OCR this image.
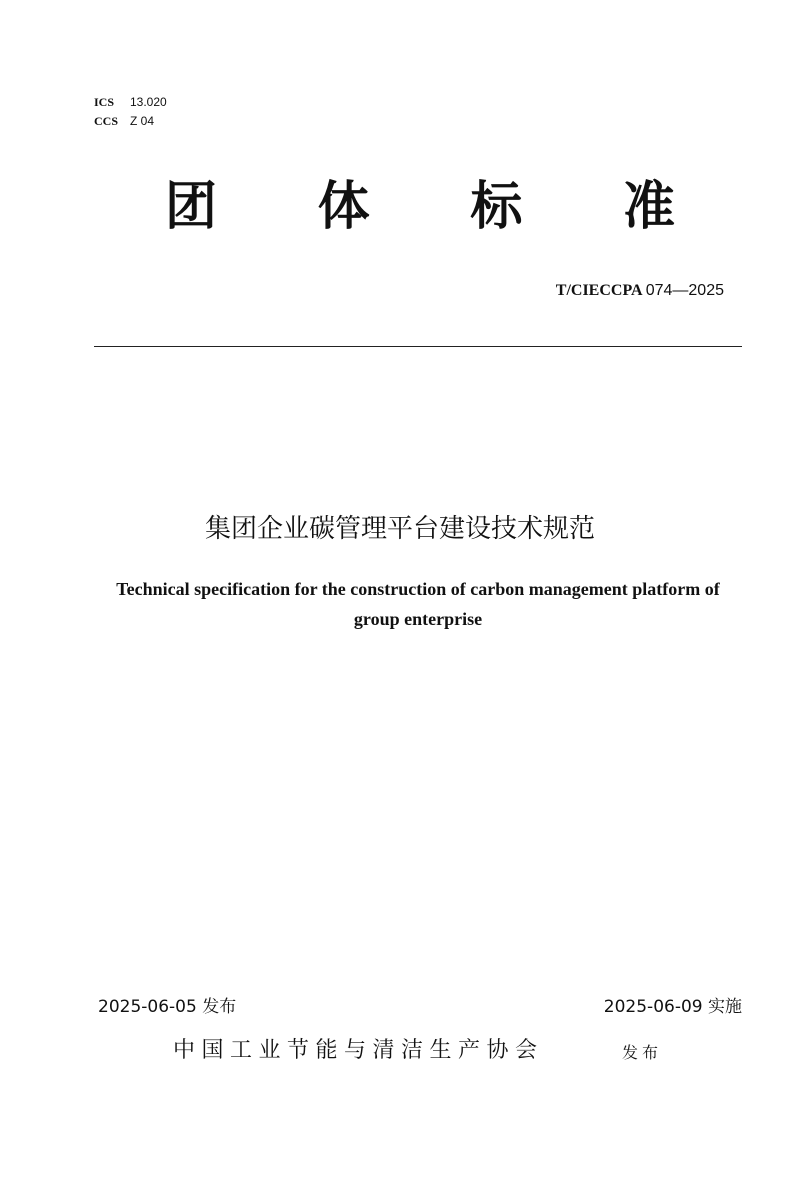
ICS 13.020
CCS Z 04
团 体 标 准
T/CIECCPA 074—2025
集团企业碳管理平台建设技术规范
Technical specification for the construction of carbon management platform of group enterprise
2025-06-05 发布	2025-06-09 实施
中国工业节能与清洁生产协会	发布
